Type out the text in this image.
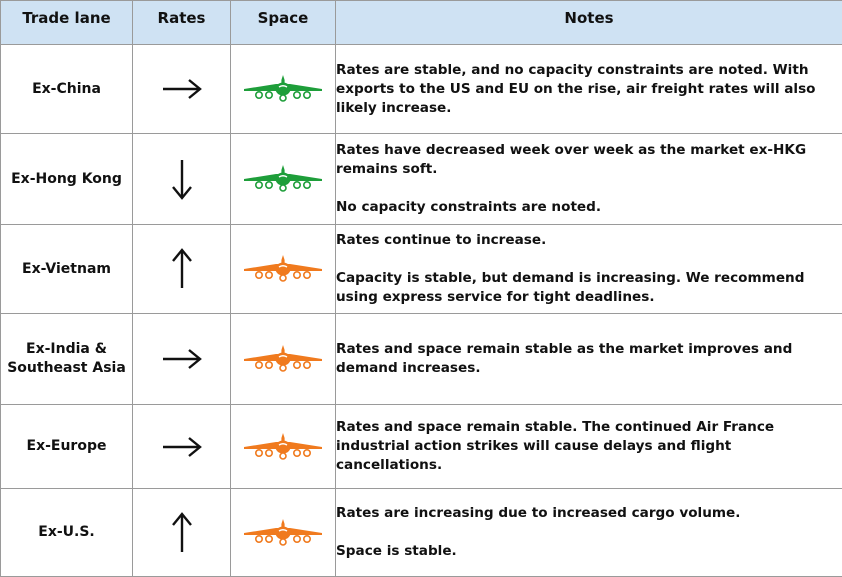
Trade lane	Rates	Space	Notes
Ex-China			Rates are stable, and no capacity constraints are noted. With exports to the US and EU on the rise, air freight rates will also likely increase.

Ex-Hong Kong			Rates have decreased week over week as the market ex-HKG remains soft.

No capacity constraints are noted.

Ex-Vietnam			Rates continue to increase.

Capacity is stable, but demand is increasing. We recommend using express service for tight deadlines.

Ex-India &
Southeast Asia			Rates and space remain stable as the market improves and demand increases.

Ex-Europe			Rates and space remain stable. The continued Air France industrial action strikes will cause delays and flight cancellations.

Ex-U.S.			Rates are increasing due to increased cargo volume.

Space is stable.
